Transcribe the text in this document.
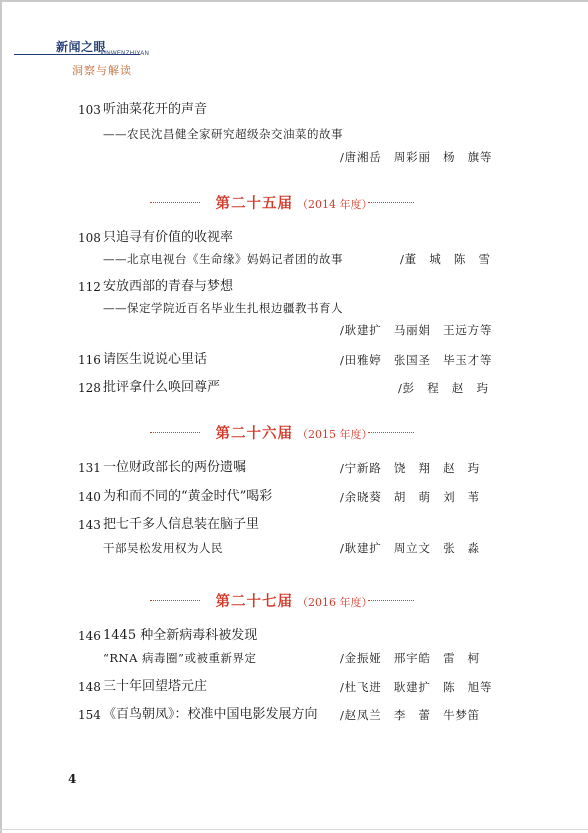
新闻之眼
XINWENZHIYAN
洞察与解读
103 听油菜花开的声音
——农民沈昌健全家研究超级杂交油菜的故事
/唐湘岳　周彩丽　杨　旗等
第二十五届 （2014 年度）
108 只追寻有价值的收视率
——北京电视台《生命缘》妈妈记者团的故事	/董　城　陈　雪
112 安放西部的青春与梦想
——保定学院近百名毕业生扎根边疆教书育人
/耿建扩　马丽娟　王远方等
116 请医生说说心里话	/田雅婷　张国圣　毕玉才等
128 批评拿什么唤回尊严	/彭　程　赵　玙
第二十六届 （2015 年度）
131 一位财政部长的两份遗嘱	/宁新路　饶　翔　赵　玙
140 为和而不同的“黄金时代”喝彩	/余晓葵　胡　萌　刘　苇
143 把七千多人信息装在脑子里
干部吴松发用权为人民	/耿建扩　周立文　张　淼
第二十七届 （2016 年度）
146 1445 种全新病毒科被发现
“RNA 病毒圈”或被重新界定	/金振娅　邢宇皓　雷　柯
148 三十年回望塔元庄	/杜飞进　耿建扩　陈　旭等
154 《百鸟朝凤》：校准中国电影发展方向 /赵凤兰　李　蕾　牛梦笛
4
